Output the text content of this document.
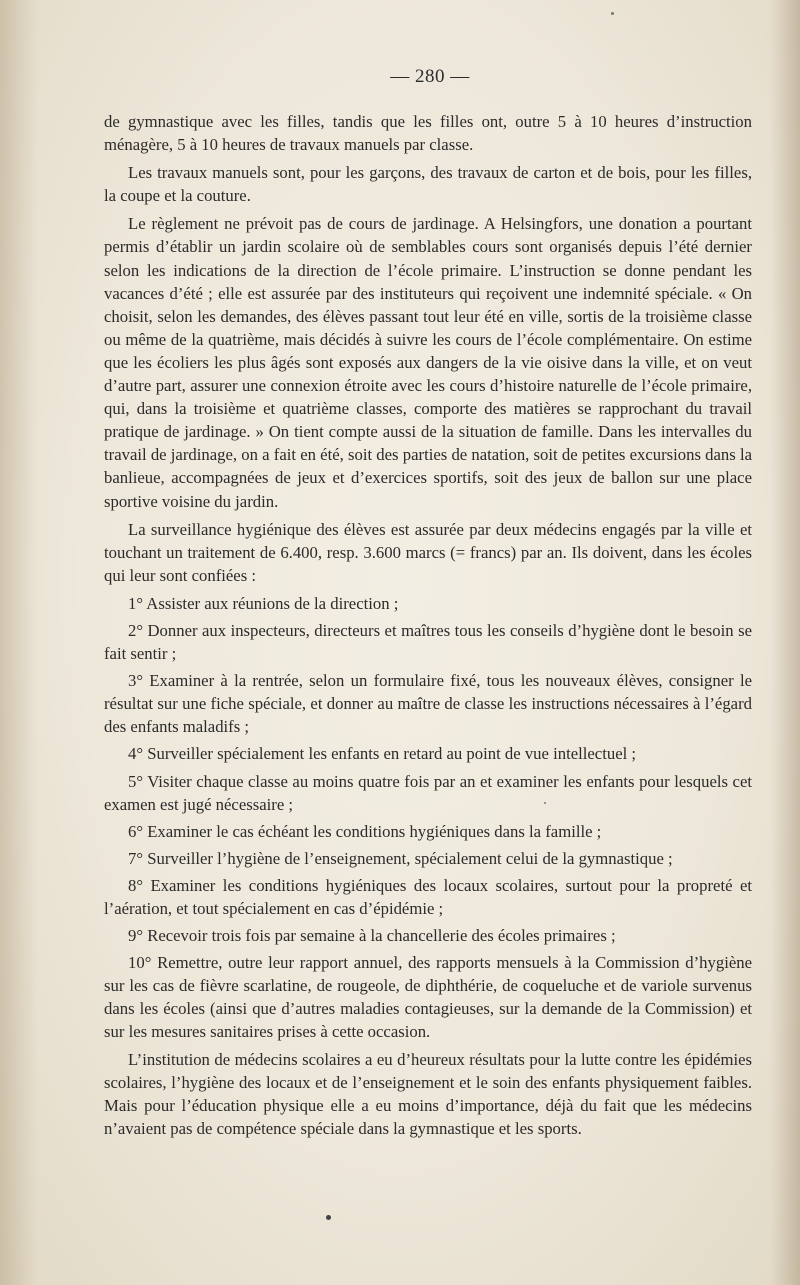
— 280 —

de gymnastique avec les filles, tandis que les filles ont, outre 5 à 10 heures d’instruction ménagère, 5 à 10 heures de travaux manuels par classe.

Les travaux manuels sont, pour les garçons, des travaux de carton et de bois, pour les filles, la coupe et la couture.

Le règlement ne prévoit pas de cours de jardinage. A Helsingfors, une donation a pourtant permis d’établir un jardin scolaire où de semblables cours sont organisés depuis l’été dernier selon les indications de la direction de l’école primaire. L’instruction se donne pendant les vacances d’été ; elle est assurée par des instituteurs qui reçoivent une indemnité spéciale. « On choisit, selon les demandes, des élèves passant tout leur été en ville, sortis de la troisième classe ou même de la quatrième, mais décidés à suivre les cours de l’école complémentaire. On estime que les écoliers les plus âgés sont exposés aux dangers de la vie oisive dans la ville, et on veut d’autre part, assurer une connexion étroite avec les cours d’histoire naturelle de l’école primaire, qui, dans la troisième et quatrième classes, comporte des matières se rapprochant du travail pratique de jardinage. » On tient compte aussi de la situation de famille. Dans les intervalles du travail de jardinage, on a fait en été, soit des parties de natation, soit de petites excursions dans la banlieue, accompagnées de jeux et d’exercices sportifs, soit des jeux de ballon sur une place sportive voisine du jardin.

La surveillance hygiénique des élèves est assurée par deux médecins engagés par la ville et touchant un traitement de 6.400, resp. 3.600 marcs (= francs) par an. Ils doivent, dans les écoles qui leur sont confiées :

1° Assister aux réunions de la direction ;

2° Donner aux inspecteurs, directeurs et maîtres tous les conseils d’hygiène dont le besoin se fait sentir ;

3° Examiner à la rentrée, selon un formulaire fixé, tous les nouveaux élèves, consigner le résultat sur une fiche spéciale, et donner au maître de classe les instructions nécessaires à l’égard des enfants maladifs ;

4° Surveiller spécialement les enfants en retard au point de vue intellectuel ;

5° Visiter chaque classe au moins quatre fois par an et examiner les enfants pour lesquels cet examen est jugé nécessaire ;

6° Examiner le cas échéant les conditions hygiéniques dans la famille ;

7° Surveiller l’hygiène de l’enseignement, spécialement celui de la gymnastique ;

8° Examiner les conditions hygiéniques des locaux scolaires, surtout pour la propreté et l’aération, et tout spécialement en cas d’épidémie ;

9° Recevoir trois fois par semaine à la chancellerie des écoles primaires ;

10° Remettre, outre leur rapport annuel, des rapports mensuels à la Commission d’hygiène sur les cas de fièvre scarlatine, de rougeole, de diphthérie, de coqueluche et de variole survenus dans les écoles (ainsi que d’autres maladies contagieuses, sur la demande de la Commission) et sur les mesures sanitaires prises à cette occasion.

L’institution de médecins scolaires a eu d’heureux résultats pour la lutte contre les épidémies scolaires, l’hygiène des locaux et de l’enseignement et le soin des enfants physiquement faibles. Mais pour l’éducation physique elle a eu moins d’importance, déjà du fait que les médecins n’avaient pas de compétence spéciale dans la gymnastique et les sports.
